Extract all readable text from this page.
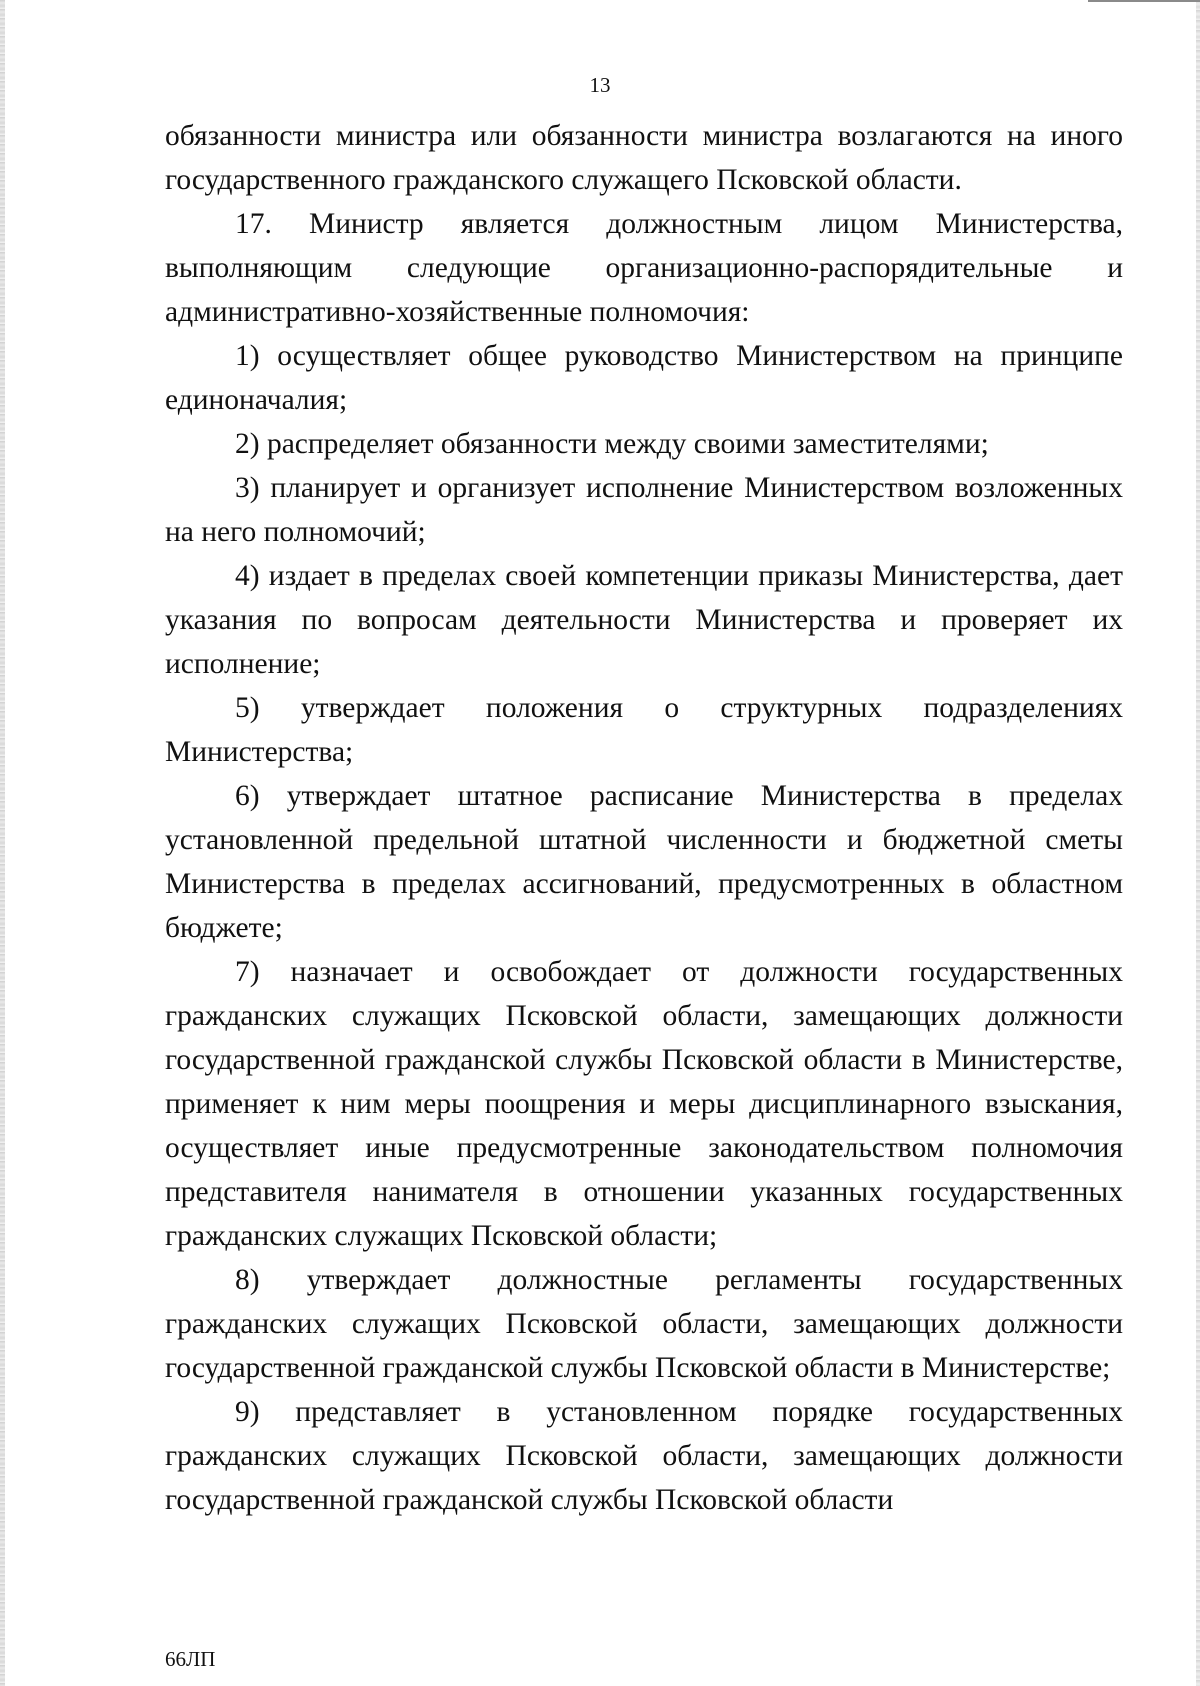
13

обязанности министра или обязанности министра возлагаются на иного государственного гражданского служащего Псковской области.

17. Министр является должностным лицом Министерства, выполняющим следующие организационно-распорядительные и административно-хозяйственные полномочия:

1) осуществляет общее руководство Министерством на принципе единоначалия;

2) распределяет обязанности между своими заместителями;

3) планирует и организует исполнение Министерством возложенных на него полномочий;

4) издает в пределах своей компетенции приказы Министерства, дает указания по вопросам деятельности Министерства и проверяет их исполнение;

5) утверждает положения о структурных подразделениях Министерства;

6) утверждает штатное расписание Министерства в пределах установленной предельной штатной численности и бюджетной сметы Министерства в пределах ассигнований, предусмотренных в областном бюджете;

7) назначает и освобождает от должности государственных гражданских служащих Псковской области, замещающих должности государственной гражданской службы Псковской области в Министерстве, применяет к ним меры поощрения и меры дисциплинарного взыскания, осуществляет иные предусмотренные законодательством полномочия представителя нанимателя в отношении указанных государственных гражданских служащих Псковской области;

8) утверждает должностные регламенты государственных гражданских служащих Псковской области, замещающих должности государственной гражданской службы Псковской области в Министерстве;

9) представляет в установленном порядке государственных гражданских служащих Псковской области, замещающих должности государственной гражданской службы Псковской области

66ЛП
